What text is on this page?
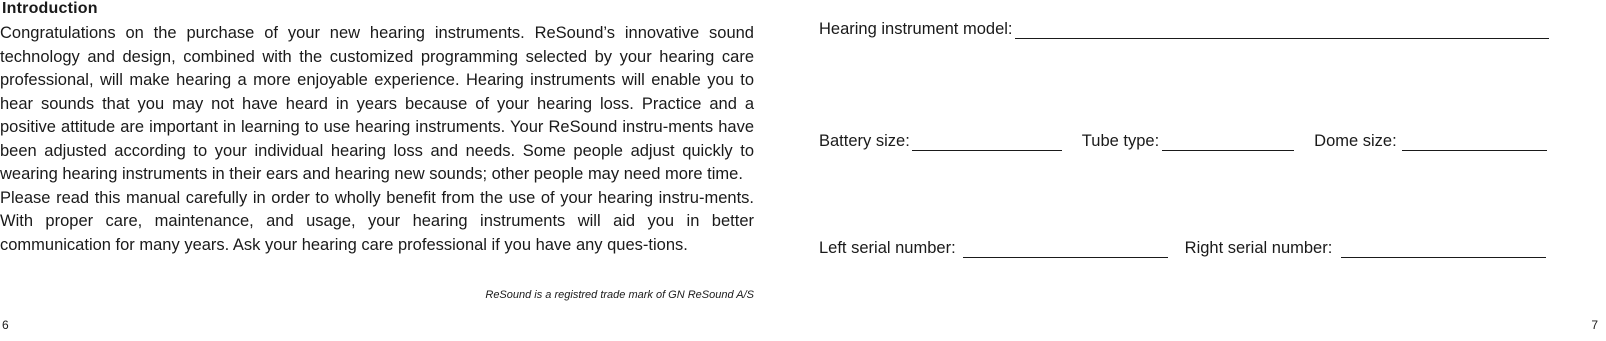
Introduction

Congratulations on the purchase of your new hearing instruments. ReSound’s innovative sound technology and design, combined with the customized programming selected by your hearing care professional, will make hearing a more enjoyable experience. Hearing instruments will enable you to hear sounds that you may not have heard in years because of your hearing loss. Practice and a positive attitude are important in learning to use hearing instruments. Your ReSound instru-ments have been adjusted according to your individual hearing loss and needs. Some people adjust quickly to wearing hearing instruments in their ears and hearing new sounds; other people may need more time.

Please read this manual carefully in order to wholly benefit from the use of your hearing instru-ments. With proper care, maintenance, and usage, your hearing instruments will aid you in better communication for many years. Ask your hearing care professional if you have any ques-tions.

ReSound is a registred trade mark of GN ReSound A/S
6
Hearing instrument model:
Battery size:	Tube type:	Dome size:
Left serial number:	Right serial number:
7
